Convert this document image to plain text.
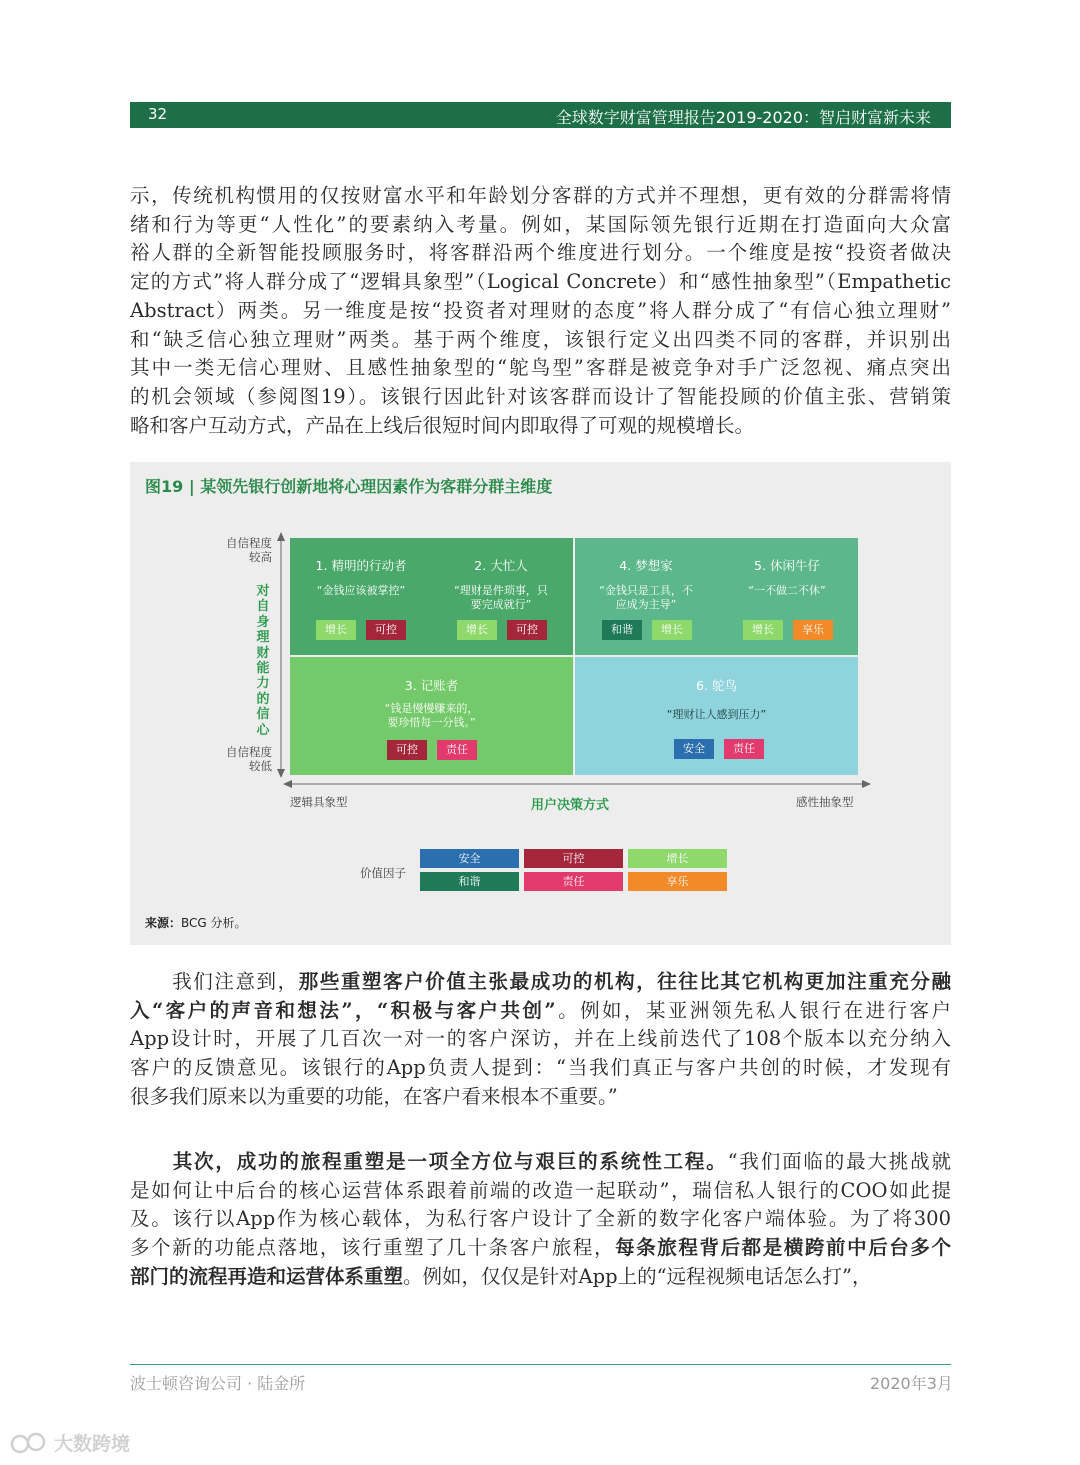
32	全球数字财富管理报告2019-2020：智启财富新未来
示，传统机构惯用的仅按财富水平和年龄划分客群的方式并不理想，更有效的分群需将情
绪和行为等更“人性化”的要素纳入考量。例如，某国际领先银行近期在打造面向大众富
裕人群的全新智能投顾服务时，将客群沿两个维度进行划分。一个维度是按“投资者做决
定的方式”将人群分成了“逻辑具象型”（Logical Concrete）和“感性抽象型”（Empathetic
Abstract）两类。另一维度是按“投资者对理财的态度”将人群分成了“有信心独立理财”
和“缺乏信心独立理财”两类。基于两个维度，该银行定义出四类不同的客群，并识别出
其中一类无信心理财、且感性抽象型的“鸵鸟型”客群是被竞争对手广泛忽视、痛点突出
的机会领域（参阅图19）。该银行因此针对该客群而设计了智能投顾的价值主张、营销策
略和客户互动方式，产品在上线后很短时间内即取得了可观的规模增长。
图19 | 某领先银行创新地将心理因素作为客群分群主维度
自信程度
较高
自信程度
较低
对
自
身
理
财
能
力
的
信
心
1. 精明的行动者
“金钱应该被掌控”
增长	可控
2. 大忙人
“理财是件琐事，只
要完成就行”
增长	可控
4. 梦想家
“金钱只是工具，不
应成为主导”
和谐	增长
5. 休闲牛仔
“一不做二不休”
增长	享乐
3. 记账者
“钱是慢慢赚来的，
要珍惜每一分钱。”
可控	责任
6. 鸵鸟
“理财让人感到压力”
安全	责任
逻辑具象型	用户决策方式	感性抽象型
价值因子
安全	可控	增长
和谐	责任	享乐
来源：BCG 分析。
　　我们注意到，那些重塑客户价值主张最成功的机构，往往比其它机构更加注重充分融
入“客户的声音和想法”，“积极与客户共创”。例如，某亚洲领先私人银行在进行客户
App设计时，开展了几百次一对一的客户深访，并在上线前迭代了108个版本以充分纳入
客户的反馈意见。该银行的App负责人提到：“当我们真正与客户共创的时候，才发现有
很多我们原来以为重要的功能，在客户看来根本不重要。”
　　其次，成功的旅程重塑是一项全方位与艰巨的系统性工程。“我们面临的最大挑战就
是如何让中后台的核心运营体系跟着前端的改造一起联动”，瑞信私人银行的COO如此提
及。该行以App作为核心载体，为私行客户设计了全新的数字化客户端体验。为了将300
多个新的功能点落地，该行重塑了几十条客户旅程，每条旅程背后都是横跨前中后台多个
部门的流程再造和运营体系重塑。例如，仅仅是针对App上的“远程视频电话怎么打”，
波士顿咨询公司 · 陆金所	2020年3月
大数跨境
